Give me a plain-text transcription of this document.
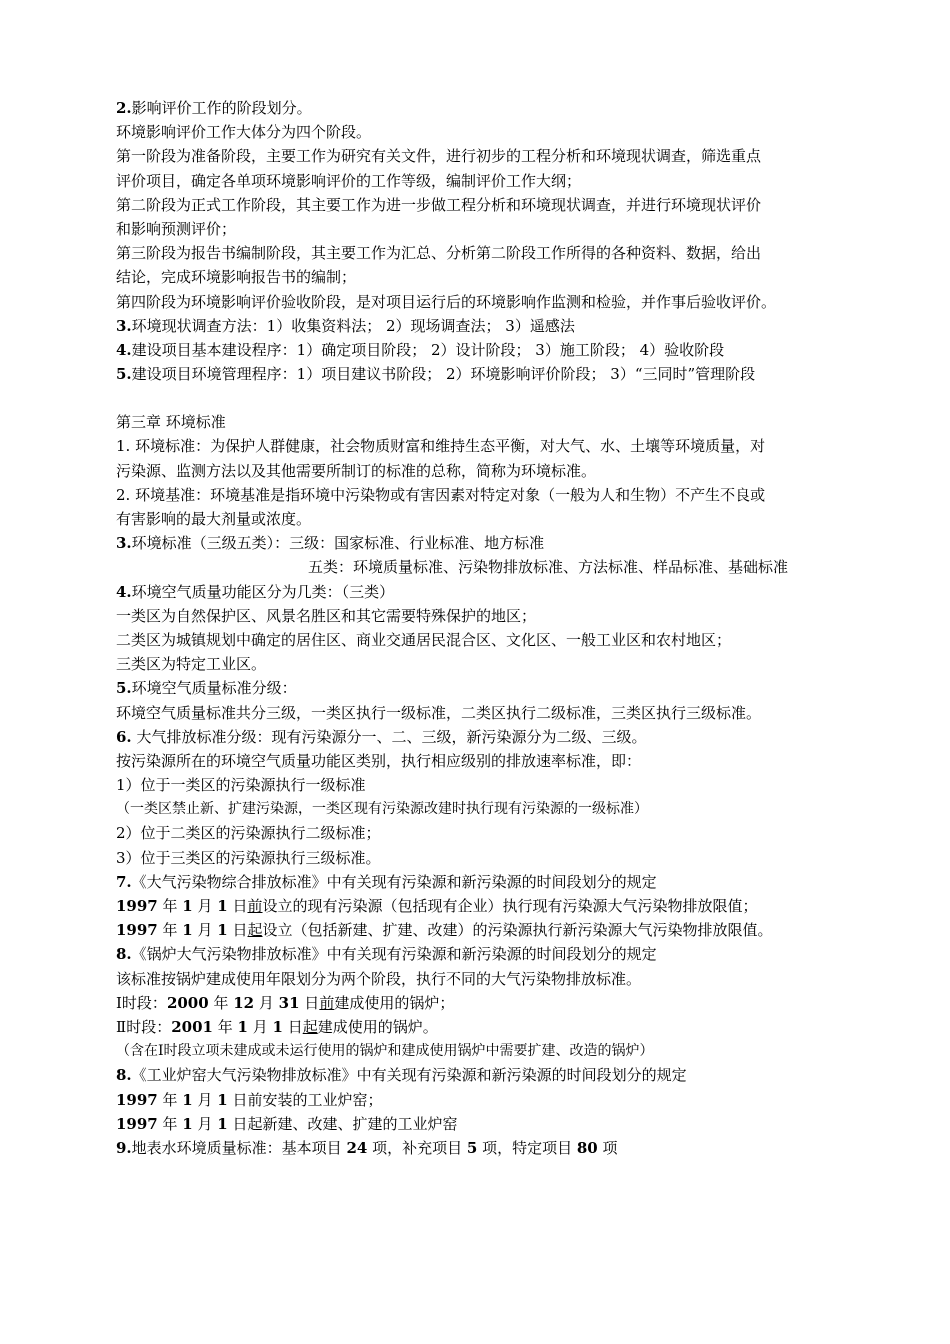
2.影响评价工作的阶段划分。
环境影响评价工作大体分为四个阶段。
第一阶段为准备阶段，主要工作为研究有关文件，进行初步的工程分析和环境现状调查，筛选重点
评价项目，确定各单项环境影响评价的工作等级，编制评价工作大纲；
第二阶段为正式工作阶段，其主要工作为进一步做工程分析和环境现状调查，并进行环境现状评价
和影响预测评价；
第三阶段为报告书编制阶段，其主要工作为汇总、分析第二阶段工作所得的各种资料、数据，给出
结论，完成环境影响报告书的编制；
第四阶段为环境影响评价验收阶段，是对项目运行后的环境影响作监测和检验，并作事后验收评价。
3.环境现状调查方法：1）收集资料法； 2）现场调查法； 3）遥感法
4.建设项目基本建设程序：1）确定项目阶段； 2）设计阶段； 3）施工阶段； 4）验收阶段
5.建设项目环境管理程序：1）项目建议书阶段； 2）环境影响评价阶段； 3）“三同时”管理阶段
第三章 环境标准
1. 环境标准：为保护人群健康，社会物质财富和维持生态平衡，对大气、水、土壤等环境质量，对
污染源、监测方法以及其他需要所制订的标准的总称，简称为环境标准。
2. 环境基准：环境基准是指环境中污染物或有害因素对特定对象（一般为人和生物）不产生不良或
有害影响的最大剂量或浓度。
3.环境标准（三级五类）：三级：国家标准、行业标准、地方标准
五类：环境质量标准、污染物排放标准、方法标准、样品标准、基础标准
4.环境空气质量功能区分为几类：（三类）
一类区为自然保护区、风景名胜区和其它需要特殊保护的地区；
二类区为城镇规划中确定的居住区、商业交通居民混合区、文化区、一般工业区和农村地区；
三类区为特定工业区。
5.环境空气质量标准分级：
环境空气质量标准共分三级，一类区执行一级标准，二类区执行二级标准，三类区执行三级标准。
6. 大气排放标准分级：现有污染源分一、二、三级，新污染源分为二级、三级。
按污染源所在的环境空气质量功能区类别，执行相应级别的排放速率标准，即：
1）位于一类区的污染源执行一级标准
（一类区禁止新、扩建污染源，一类区现有污染源改建时执行现有污染源的一级标准）
2）位于二类区的污染源执行二级标准；
3）位于三类区的污染源执行三级标准。
7.《大气污染物综合排放标准》中有关现有污染源和新污染源的时间段划分的规定
1997 年 1 月 1 日前设立的现有污染源（包括现有企业）执行现有污染源大气污染物排放限值；
1997 年 1 月 1 日起设立（包括新建、扩建、改建）的污染源执行新污染源大气污染物排放限值。
8.《锅炉大气污染物排放标准》中有关现有污染源和新污染源的时间段划分的规定
该标准按锅炉建成使用年限划分为两个阶段，执行不同的大气污染物排放标准。
Ⅰ时段：2000 年 12 月 31 日前建成使用的锅炉；
Ⅱ时段：2001 年 1 月 1 日起建成使用的锅炉。
（含在Ⅰ时段立项未建成或未运行使用的锅炉和建成使用锅炉中需要扩建、改造的锅炉）
8.《工业炉窑大气污染物排放标准》中有关现有污染源和新污染源的时间段划分的规定
1997 年 1 月 1 日前安装的工业炉窑；
1997 年 1 月 1 日起新建、改建、扩建的工业炉窑
9.地表水环境质量标准：基本项目 24 项，补充项目 5 项，特定项目 80 项
